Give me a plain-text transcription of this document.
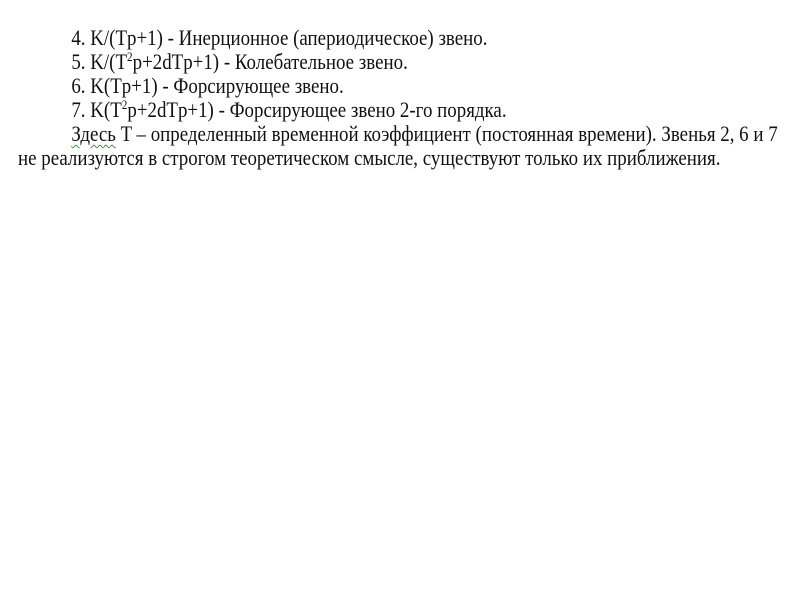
4. K/(Tp+1) - Инерционное (апериодическое) звено.
5. $K/(T^2p+2dTp+1)$ - Колебательное звено.
6. K(Tp+1) - Форсирующее звено.
7. $K(T^2p+2dTp+1)$ - Форсирующее звено 2-го порядка.
Здесь T – определенный временной коэффициент (постоянная времени). Звенья 2, 6 и 7 не реализуются в строгом теоретическом смысле, существуют только их приближения.
